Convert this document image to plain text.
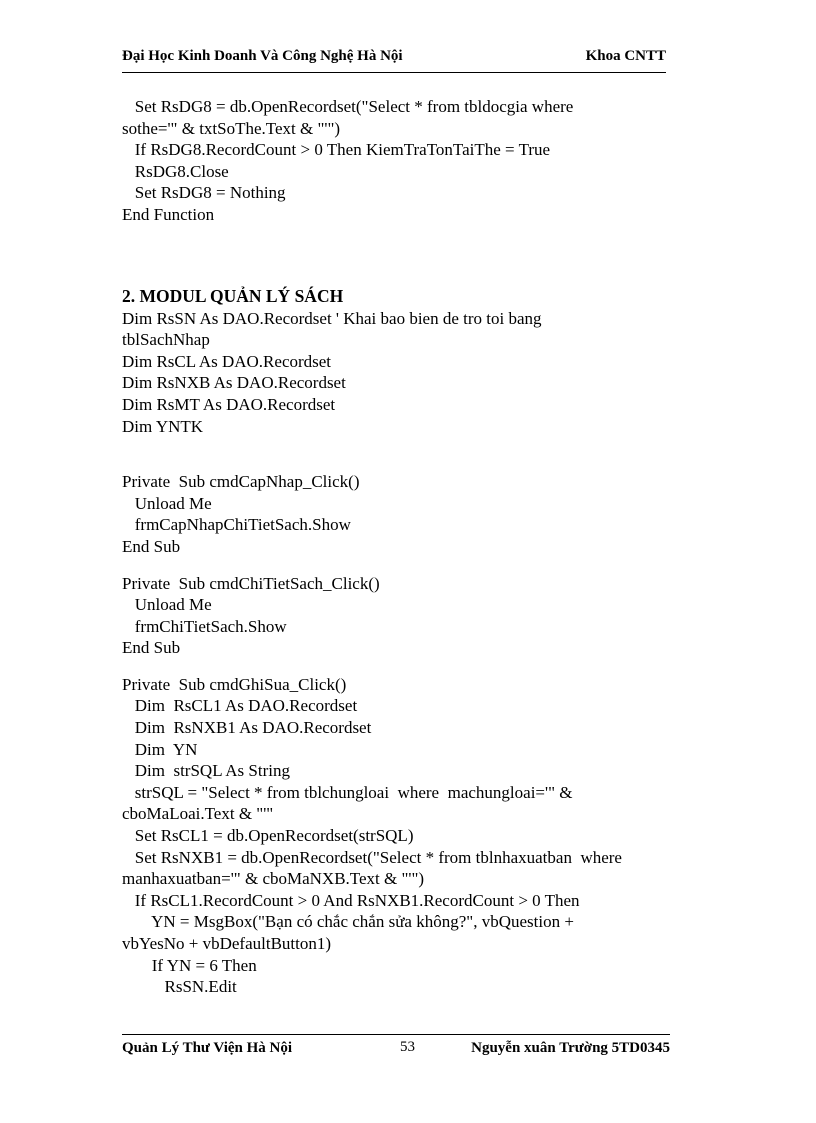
Đại Học Kinh Doanh Và Công Nghệ Hà Nội	Khoa CNTT
Set RsDG8 = db.OpenRecordset("Select * from tbldocgia where
sothe='" & txtSoThe.Text & "'")
If RsDG8.RecordCount > 0 Then KiemTraTonTaiThe = True
RsDG8.Close
Set RsDG8 = Nothing
End Function
2. MODUL QUẢN LÝ SÁCH
Dim RsSN As DAO.Recordset ' Khai bao bien de tro toi bang
tblSachNhap
Dim RsCL As DAO.Recordset
Dim RsNXB As DAO.Recordset
Dim RsMT As DAO.Recordset
Dim YNTK
Private  Sub cmdCapNhap_Click()
Unload Me
frmCapNhapChiTietSach.Show
End Sub
Private  Sub cmdChiTietSach_Click()
Unload Me
frmChiTietSach.Show
End Sub
Private  Sub cmdGhiSua_Click()
Dim  RsCL1 As DAO.Recordset
Dim  RsNXB1 As DAO.Recordset
Dim  YN
Dim  strSQL As String
strSQL = "Select * from tblchungloai  where  machungloai='" &
cboMaLoai.Text & "'"
Set RsCL1 = db.OpenRecordset(strSQL)
Set RsNXB1 = db.OpenRecordset("Select * from tblnhaxuatban  where
manhaxuatban='" & cboMaNXB.Text & "'")
If RsCL1.RecordCount > 0 And RsNXB1.RecordCount > 0 Then
YN = MsgBox("Bạn có chắc chắn sửa không?", vbQuestion +
vbYesNo + vbDefaultButton1)
If YN = 6 Then
RsSN.Edit
Quản Lý Thư Viện Hà Nội	53	Nguyễn xuân Trường 5TD0345
